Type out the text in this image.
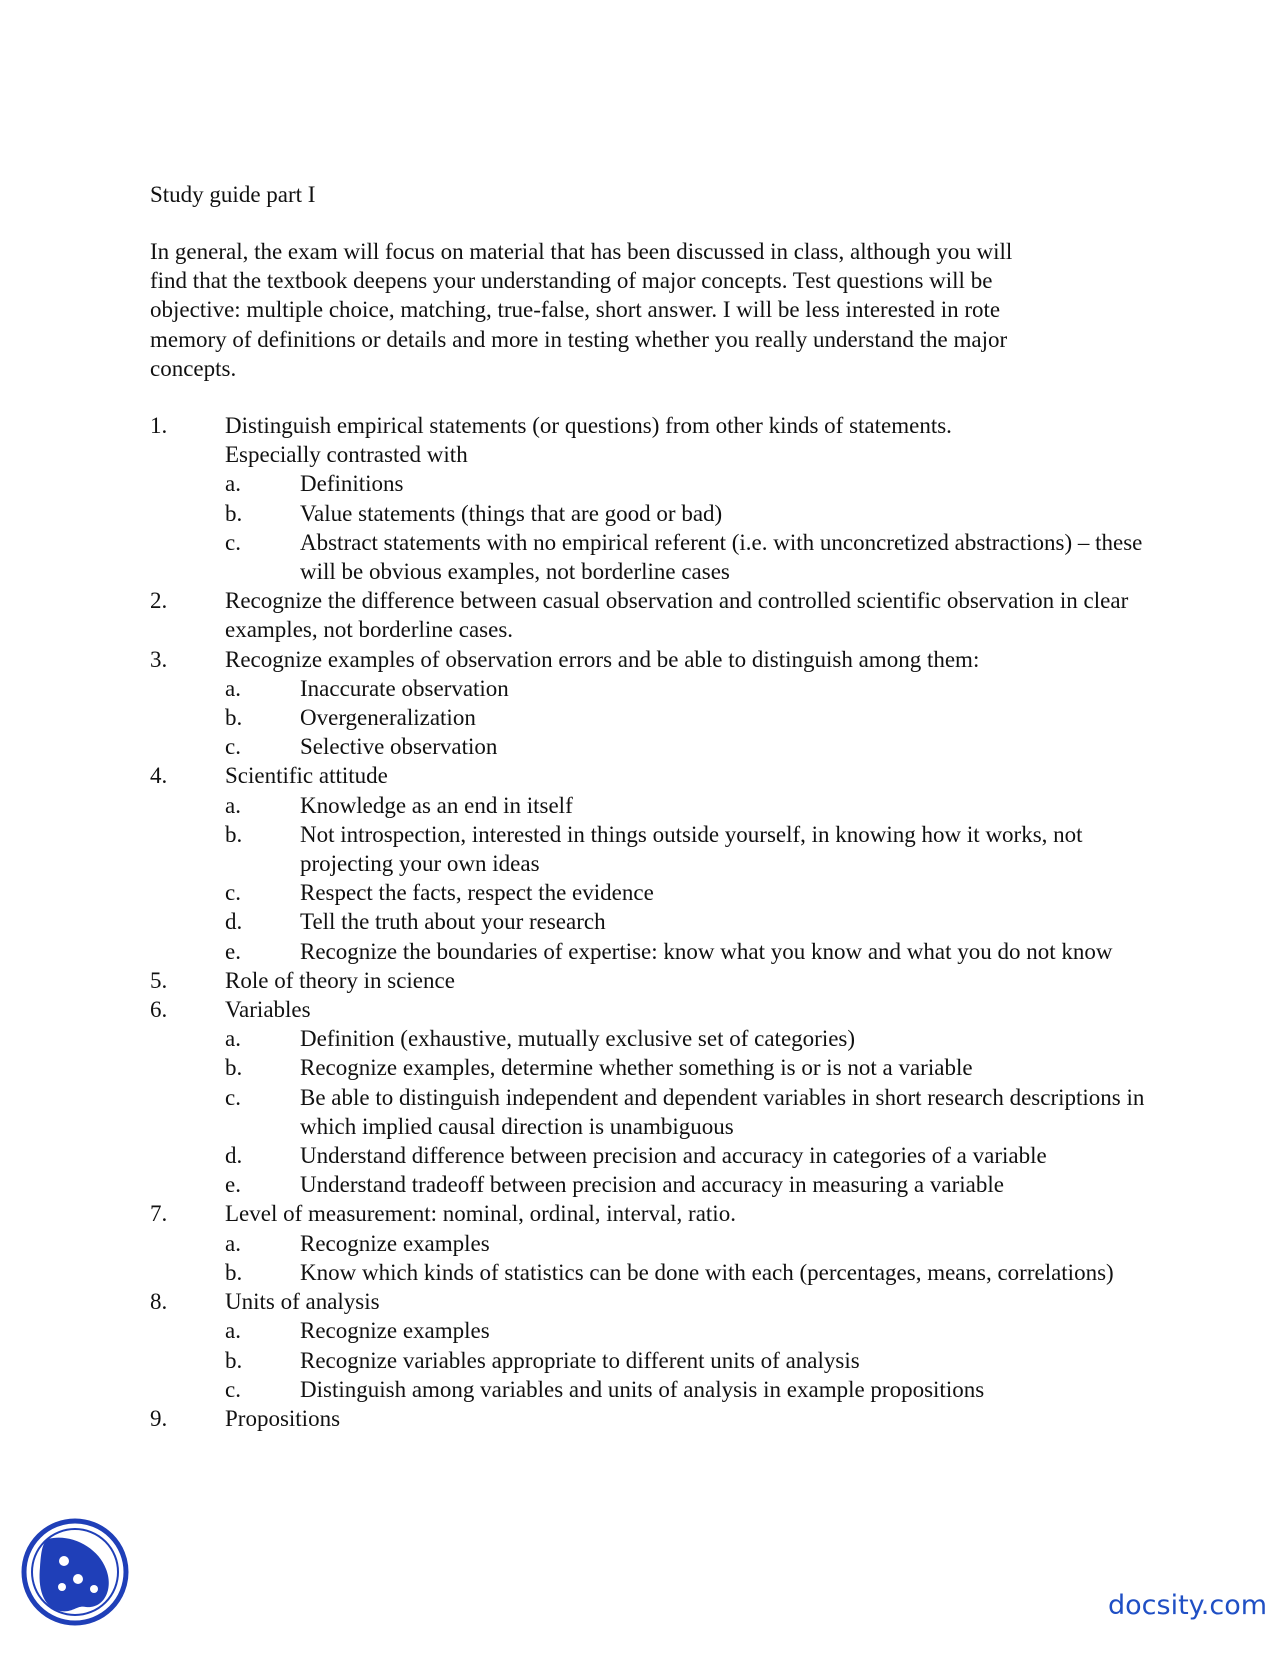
Study guide part I
In general, the exam will focus on material that has been discussed in class, although you will
find that the textbook deepens your understanding of major concepts. Test questions will be
objective: multiple choice, matching, true-false, short answer. I will be less interested in rote
memory of definitions or details and more in testing whether you really understand the major
concepts.
1.	Distinguish empirical statements (or questions) from other kinds of statements.
Especially contrasted with
a.	Definitions
b.	Value statements (things that are good or bad)
c.	Abstract statements with no empirical referent (i.e. with unconcretized abstractions) – these will be obvious examples, not borderline cases
2.	Recognize the difference between casual observation and controlled scientific observation in clear examples, not borderline cases.
3.	Recognize examples of observation errors and be able to distinguish among them:
a.	Inaccurate observation
b.	Overgeneralization
c.	Selective observation
4.	Scientific attitude
a.	Knowledge as an end in itself
b.	Not introspection, interested in things outside yourself, in knowing how it works, not projecting your own ideas
c.	Respect the facts, respect the evidence
d.	Tell the truth about your research
e.	Recognize the boundaries of expertise: know what you know and what you do not know
5.	Role of theory in science
6.	Variables
a.	Definition (exhaustive, mutually exclusive set of categories)
b.	Recognize examples, determine whether something is or is not a variable
c.	Be able to distinguish independent and dependent variables in short research descriptions in which implied causal direction is unambiguous
d.	Understand difference between precision and accuracy in categories of a variable
e.	Understand tradeoff between precision and accuracy in measuring a variable
7.	Level of measurement: nominal, ordinal, interval, ratio.
a.	Recognize examples
b.	Know which kinds of statistics can be done with each (percentages, means, correlations)
8.	Units of analysis
a.	Recognize examples
b.	Recognize variables appropriate to different units of analysis
c.	Distinguish among variables and units of analysis in example propositions
9.	Propositions
docsity.com
